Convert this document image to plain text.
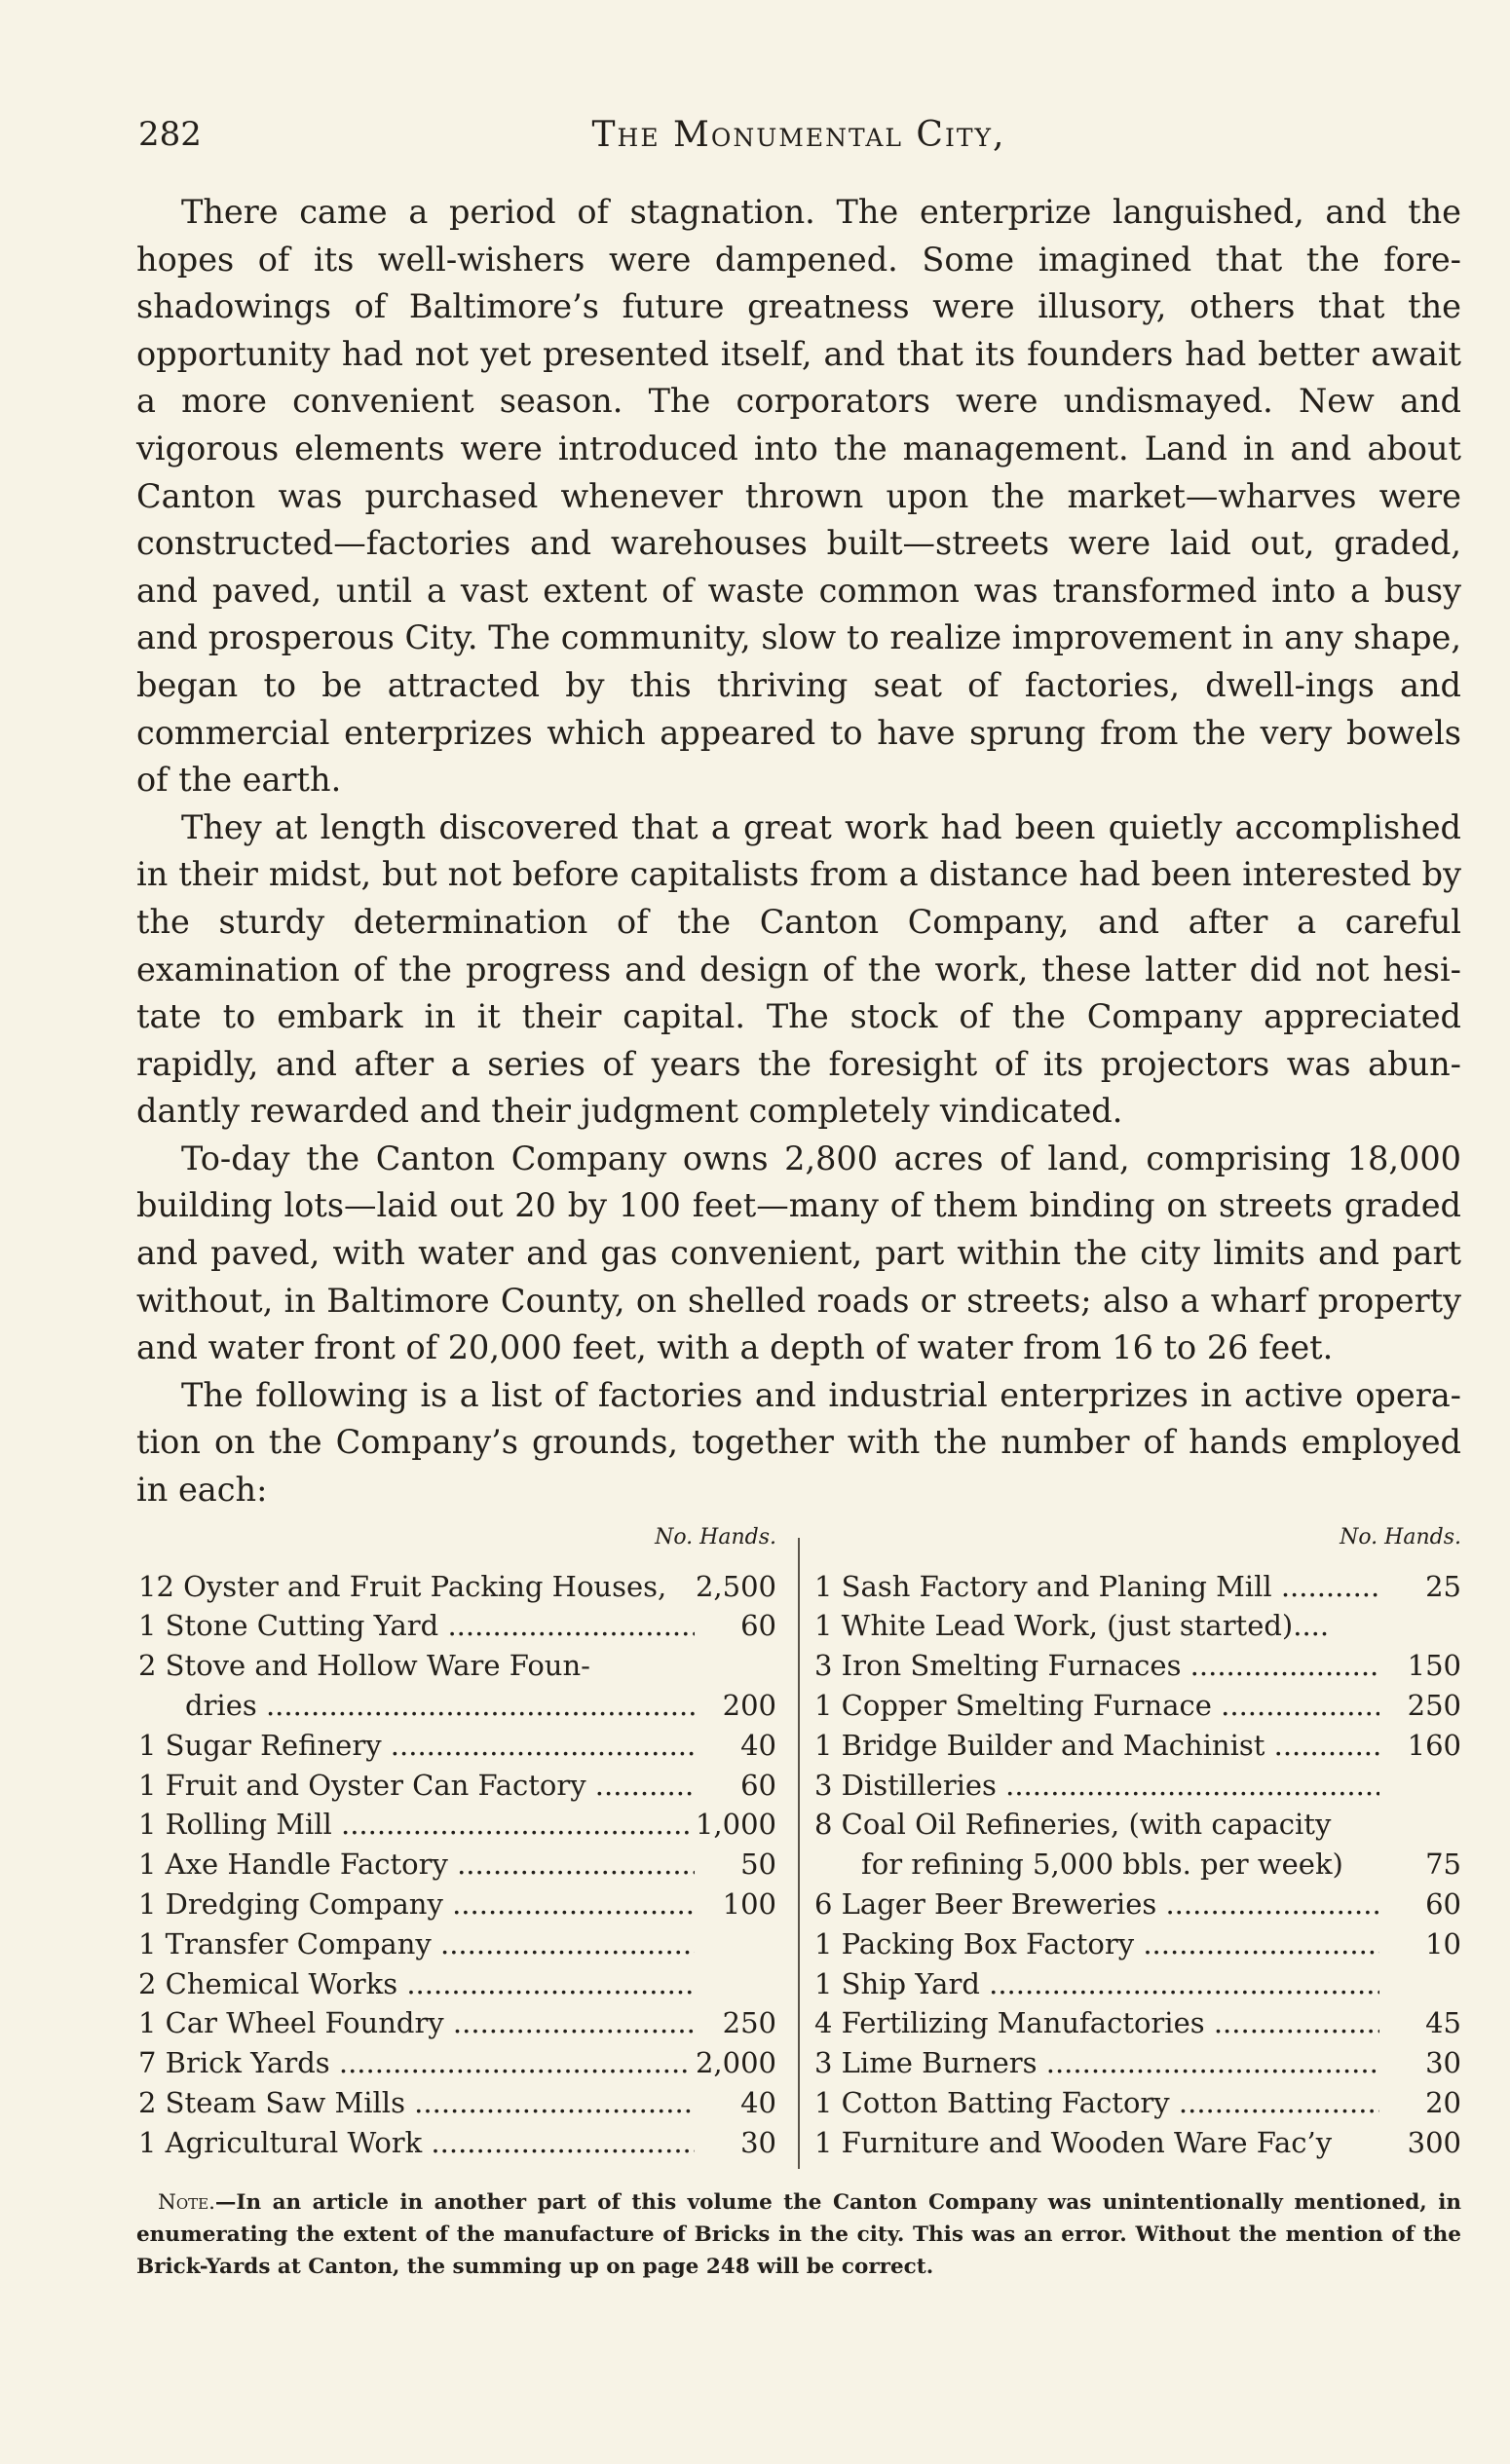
282	The Monumental City,

There came a period of stagnation. The enterprize languished, and the hopes of its well-wishers were dampened. Some imagined that the fore-shadowings of Baltimore’s future greatness were illusory, others that the opportunity had not yet presented itself, and that its founders had better await a more convenient season. The corporators were undismayed. New and vigorous elements were introduced into the management. Land in and about Canton was purchased whenever thrown upon the market—wharves were constructed—factories and warehouses built—streets were laid out, graded, and paved, until a vast extent of waste common was transformed into a busy and prosperous City. The community, slow to realize improvement in any shape, began to be attracted by this thriving seat of factories, dwell-ings and commercial enterprizes which appeared to have sprung from the very bowels of the earth.

They at length discovered that a great work had been quietly accomplished in their midst, but not before capitalists from a distance had been interested by the sturdy determination of the Canton Company, and after a careful examination of the progress and design of the work, these latter did not hesi-tate to embark in it their capital. The stock of the Company appreciated rapidly, and after a series of years the foresight of its projectors was abun-dantly rewarded and their judgment completely vindicated.

To-day the Canton Company owns 2,800 acres of land, comprising 18,000 building lots—laid out 20 by 100 feet—many of them binding on streets graded and paved, with water and gas convenient, part within the city limits and part without, in Baltimore County, on shelled roads or streets; also a wharf property and water front of 20,000 feet, with a depth of water from 16 to 26 feet.

The following is a list of factories and industrial enterprizes in active opera-tion on the Company’s grounds, together with the number of hands employed in each:

No. Hands.
12 Oyster and Fruit Packing Houses,	2,500
1 Stone Cutting Yard .....	60
2 Stove and Hollow Ware Foun-
dries .....	200
1 Sugar Refinery .....	40
1 Fruit and Oyster Can Factory .....	60
1 Rolling Mill .....	1,000
1 Axe Handle Factory .....	50
1 Dredging Company .....	100
1 Transfer Company .....
2 Chemical Works .....
1 Car Wheel Foundry .....	250
7 Brick Yards .....	2,000
2 Steam Saw Mills .....	40
1 Agricultural Work .....	30
No. Hands.
1 Sash Factory and Planing Mill .....	25
1 White Lead Work, (just started)....
3 Iron Smelting Furnaces .....	150
1 Copper Smelting Furnace .....	250
1 Bridge Builder and Machinist .....	160
3 Distilleries .....
8 Coal Oil Refineries, (with capacity
for refining 5,000 bbls. per week)	75
6 Lager Beer Breweries .....	60
1 Packing Box Factory .....	10
1 Ship Yard .....
4 Fertilizing Manufactories .....	45
3 Lime Burners .....	30
1 Cotton Batting Factory .....	20
1 Furniture and Wooden Ware Fac’y	300
Note.—In an article in another part of this volume the Canton Company was unintentionally mentioned, in enumerating the extent of the manufacture of Bricks in the city. This was an error. Without the mention of the Brick-Yards at Canton, the summing up on page 248 will be correct.
